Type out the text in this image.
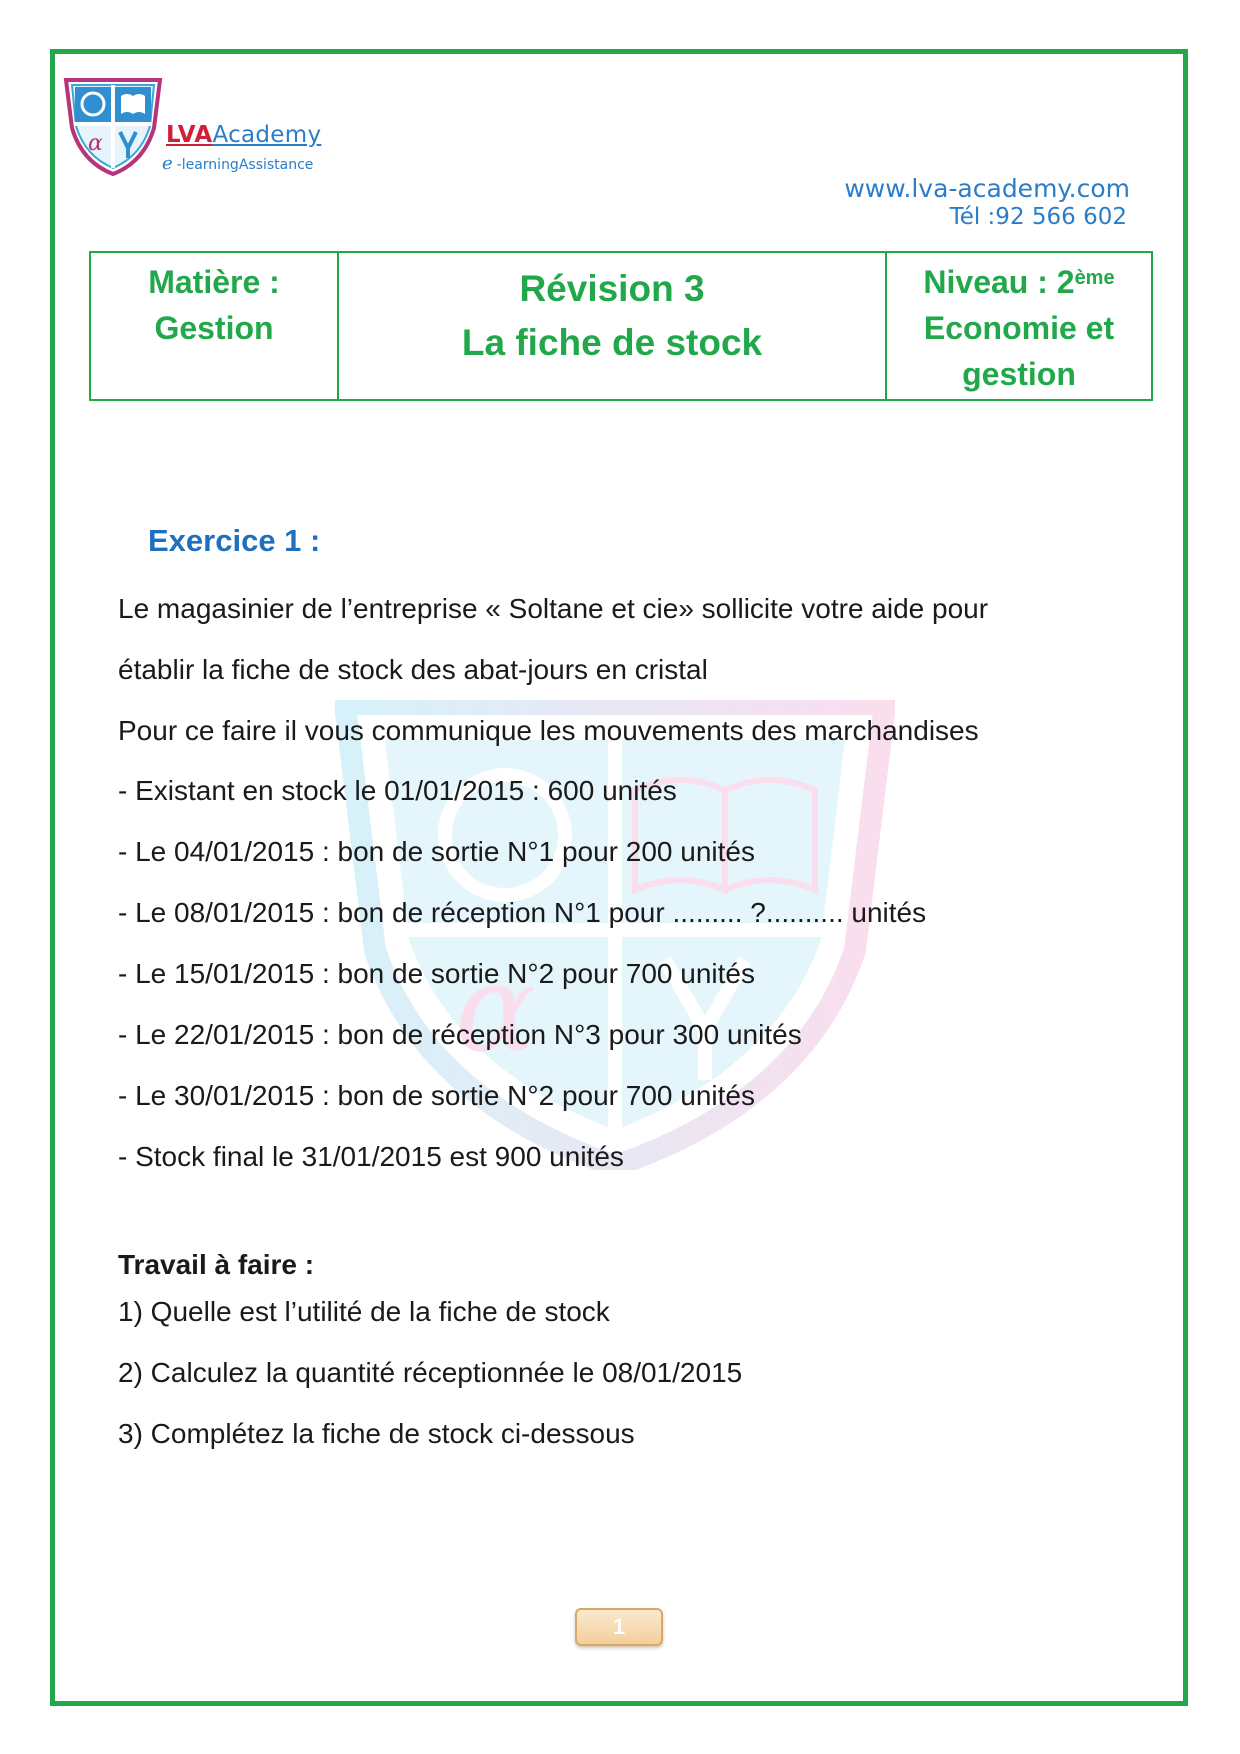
α	LVAAcademy
e -learningAssistance
www.lva-academy.com
Tél :92 566 602
Matière :
Gestion
Révision 3
La fiche de stock
Niveau : 2ème
Economie et
gestion
α
Exercice 1 :
Le magasinier de l’entreprise « Soltane et cie» sollicite votre aide pour
établir la fiche de stock des abat-jours en cristal
Pour ce faire il vous communique les mouvements des marchandises
- Existant en stock le 01/01/2015 : 600 unités
- Le 04/01/2015 : bon de sortie N°1 pour 200 unités
- Le 08/01/2015 : bon de réception N°1 pour ......... ?.......... unités
- Le 15/01/2015 : bon de sortie N°2 pour 700 unités
- Le 22/01/2015 : bon de réception N°3 pour 300 unités
- Le 30/01/2015 : bon de sortie N°2 pour 700 unités
- Stock final le 31/01/2015 est 900 unités
Travail à faire :
1) Quelle est l’utilité de la fiche de stock
2) Calculez la quantité réceptionnée le 08/01/2015
3) Complétez la fiche de stock ci-dessous
1
